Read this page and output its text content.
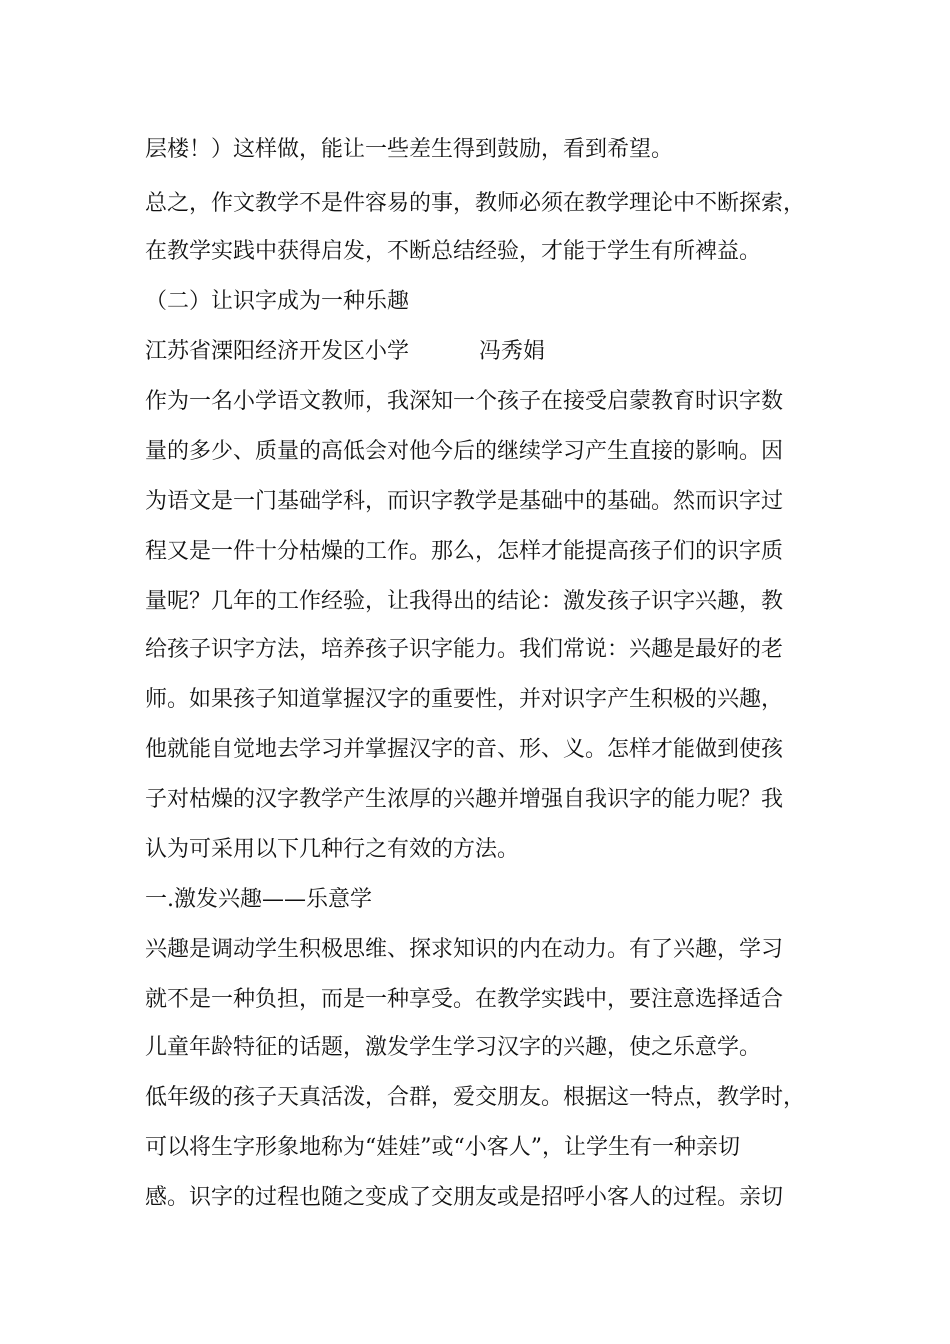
层楼！）这样做，能让一些差生得到鼓励，看到希望。
总之，作文教学不是件容易的事，教师必须在教学理论中不断探索，
在教学实践中获得启发，不断总结经验，才能于学生有所裨益。
（二）让识字成为一种乐趣
江苏省溧阳经济开发区小学	冯秀娟
作为一名小学语文教师，我深知一个孩子在接受启蒙教育时识字数
量的多少、质量的高低会对他今后的继续学习产生直接的影响。因
为语文是一门基础学科，而识字教学是基础中的基础。然而识字过
程又是一件十分枯燥的工作。那么，怎样才能提高孩子们的识字质
量呢？几年的工作经验，让我得出的结论：激发孩子识字兴趣，教
给孩子识字方法，培养孩子识字能力。我们常说：兴趣是最好的老
师。如果孩子知道掌握汉字的重要性，并对识字产生积极的兴趣，
他就能自觉地去学习并掌握汉字的音、形、义。怎样才能做到使孩
子对枯燥的汉字教学产生浓厚的兴趣并增强自我识字的能力呢？我
认为可采用以下几种行之有效的方法。
一.激发兴趣——乐意学
兴趣是调动学生积极思维、探求知识的内在动力。有了兴趣，学习
就不是一种负担，而是一种享受。在教学实践中，要注意选择适合
儿童年龄特征的话题，激发学生学习汉字的兴趣，使之乐意学。
低年级的孩子天真活泼，合群，爱交朋友。根据这一特点，教学时，
可以将生字形象地称为“娃娃”或“小客人”，让学生有一种亲切
感。识字的过程也随之变成了交朋友或是招呼小客人的过程。亲切
